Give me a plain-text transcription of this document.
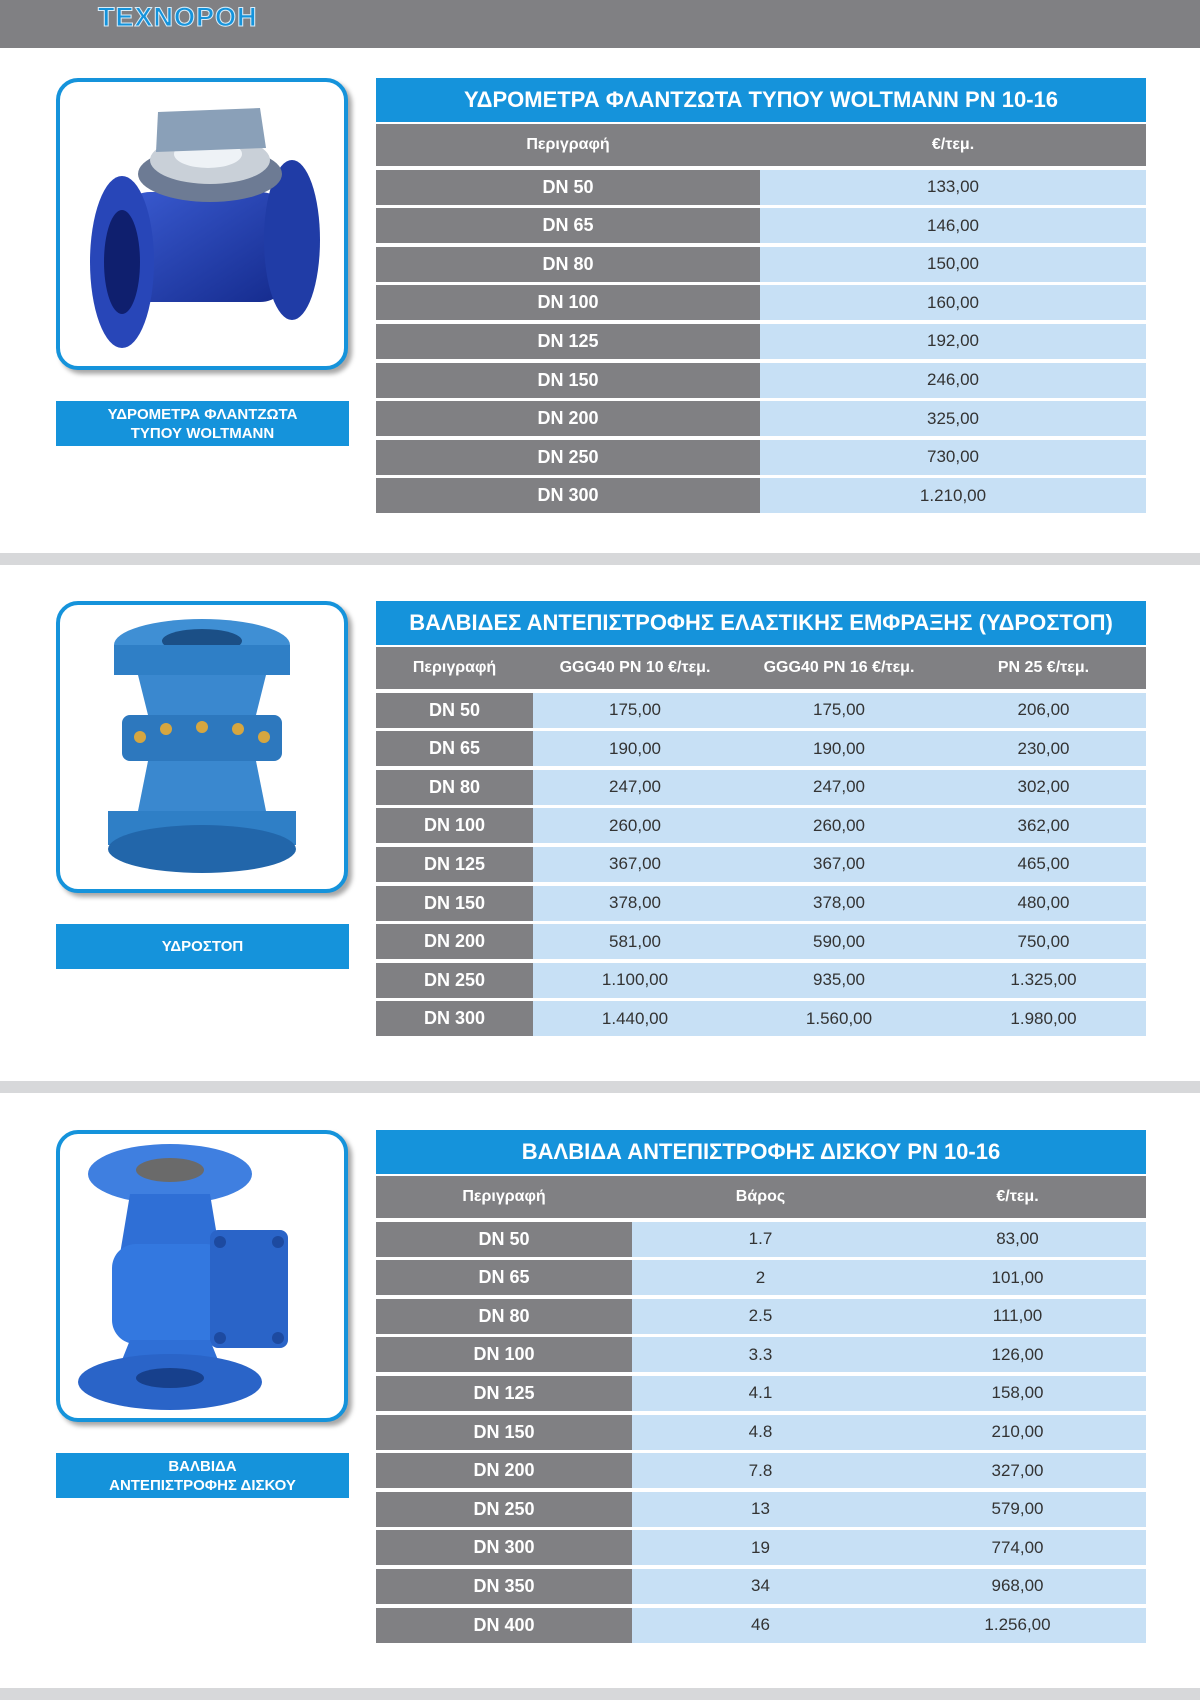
ΤΕΧΝΟΡΟΗ
ΥΔΡΟΜΕΤΡΑ ΦΛΑΝΤΖΩΤΑ
ΤΥΠΟΥ WOLTMANN
ΥΔΡΟΜΕΤΡΑ ΦΛΑΝΤΖΩΤΑ ΤΥΠΟΥ WOLTMANN PN 10-16
Περιγραφή	€/τεμ.
DN 50	133,00
DN 65	146,00
DN 80	150,00
DN 100	160,00
DN 125	192,00
DN 150	246,00
DN 200	325,00
DN 250	730,00
DN 300	1.210,00
ΥΔΡΟΣΤΟΠ
ΒΑΛΒΙΔΕΣ ΑΝΤΕΠΙΣΤΡΟΦΗΣ ΕΛΑΣΤΙΚΗΣ ΕΜΦΡΑΞΗΣ (ΥΔΡΟΣΤΟΠ)
Περιγραφή	GGG40 PN 10 €/τεμ.	GGG40 PN 16 €/τεμ.	PN 25 €/τεμ.
DN 50	175,00	175,00	206,00
DN 65	190,00	190,00	230,00
DN 80	247,00	247,00	302,00
DN 100	260,00	260,00	362,00
DN 125	367,00	367,00	465,00
DN 150	378,00	378,00	480,00
DN 200	581,00	590,00	750,00
DN 250	1.100,00	935,00	1.325,00
DN 300	1.440,00	1.560,00	1.980,00
ΒΑΛΒΙΔΑ
ΑΝΤΕΠΙΣΤΡΟΦΗΣ ΔΙΣΚΟΥ
ΒΑΛΒΙΔΑ ΑΝΤΕΠΙΣΤΡΟΦΗΣ ΔΙΣΚΟΥ PN 10-16
Περιγραφή	Βάρος	€/τεμ.
DN 50	1.7	83,00
DN 65	2	101,00
DN 80	2.5	111,00
DN 100	3.3	126,00
DN 125	4.1	158,00
DN 150	4.8	210,00
DN 200	7.8	327,00
DN 250	13	579,00
DN 300	19	774,00
DN 350	34	968,00
DN 400	46	1.256,00
